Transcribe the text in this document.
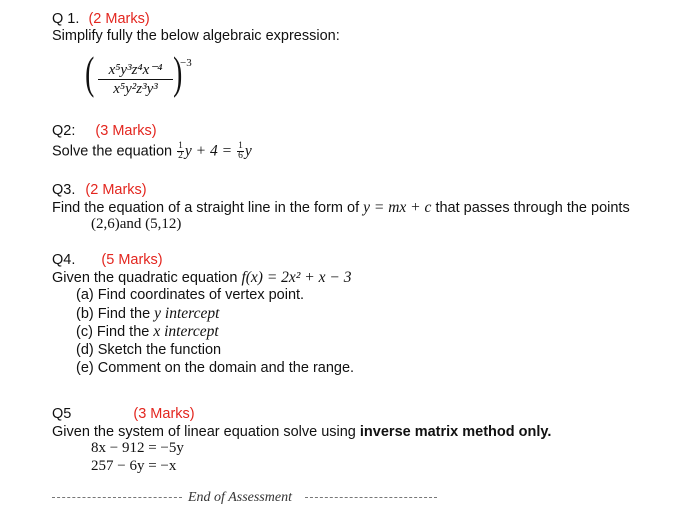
Q 1. (2 Marks)
Simplify fully the below algebraic expression:
( $\frac{\text{x⁵y³z⁴x⁻⁴}}{\text{x⁵y²z³y³}}$ )
−3
Q2: (3 Marks)
Solve the equation $\frac{1}{2}$ $y + 4 = \frac{1}{6}$ y
Q3. (2 Marks)
Find the equation of a straight line in the form of y = mx + c that passes through the points
(2,6)and (5,12)
Q4. (5 Marks)
Given the quadratic equation f(x) = 2x² + x − 3
(a) Find coordinates of vertex point.
(b) Find the y intercept
(c) Find the x intercept
(d) Sketch the function
(e) Comment on the domain and the range.
Q5	(3 Marks)
Given the system of linear equation solve using inverse matrix method only.
8x − 912 = −5y
257 − 6y = −x
End of Assessment
